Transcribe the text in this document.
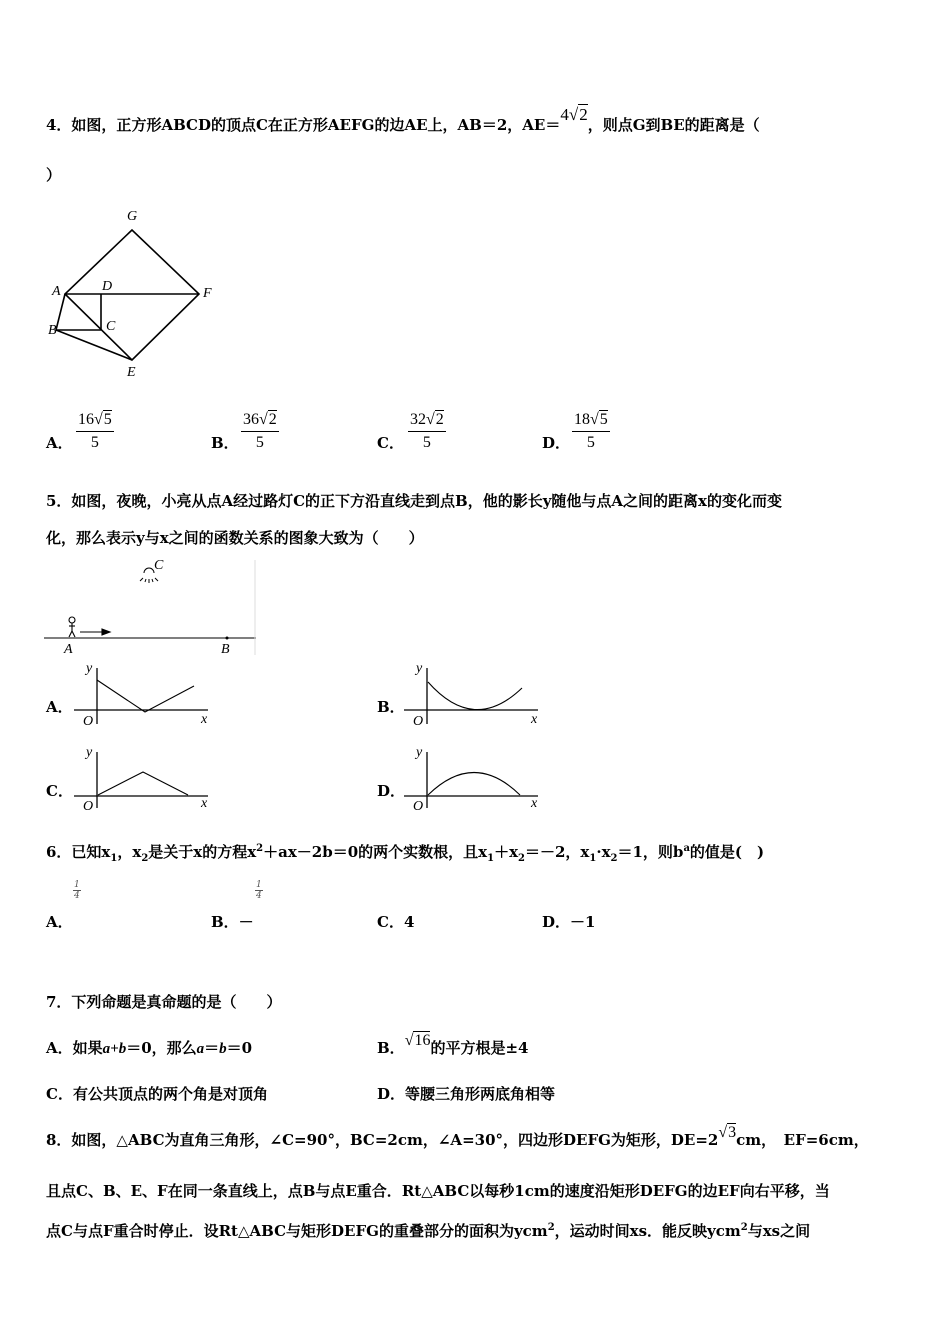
4．如图，正方形ABCD的顶点C在正方形AEFG的边AE上，AB＝2，AE＝4√2，则点G到BE的距离是（
）
G
A	D	F
B	C
E
A． $\frac{16√5}{5}$	B． $\frac{36√2}{5}$	C． $\frac{32√2}{5}$	D． $\frac{18√5}{5}$
5．如图，夜晚，小亮从点A经过路灯C的正下方沿直线走到点B，他的影长y随他与点A之间的距离x的变化而变
化，那么表示y与x之间的函数关系的图象大致为（　　）
C
A	B
A．
y
O	x
B．
y
O	x
C．
y
O	x
D．
y
O	x
6．已知$x_1$，$x_2$是关于x的方程$x^2+ax-2b=0$的两个实数根，且$x_1+x_2=-2$，$x_1\cdot x_2=1$，则$b^a$的值是(　)
1
4
1
4
A．	B．－	C．4	D．－1
7．下列命题是真命题的是（　　）
A．如果a+b＝0，那么a＝b＝0	B．√16的平方根是±4
C．有公共顶点的两个角是对顶角	D．等腰三角形两底角相等
8．如图，△ABC为直角三角形，∠C=90°，BC=2cm，∠A=30°，四边形DEFG为矩形，DE=2√3cm，　EF=6cm，
且点C、B、E、F在同一条直线上，点B与点E重合．Rt△ABC以每秒1cm的速度沿矩形DEFG的边EF向右平移，当
点C与点F重合时停止．设Rt△ABC与矩形DEFG的重叠部分的面积为ycm$^2$，运动时间xs．能反映ycm$^2$与xs之间
